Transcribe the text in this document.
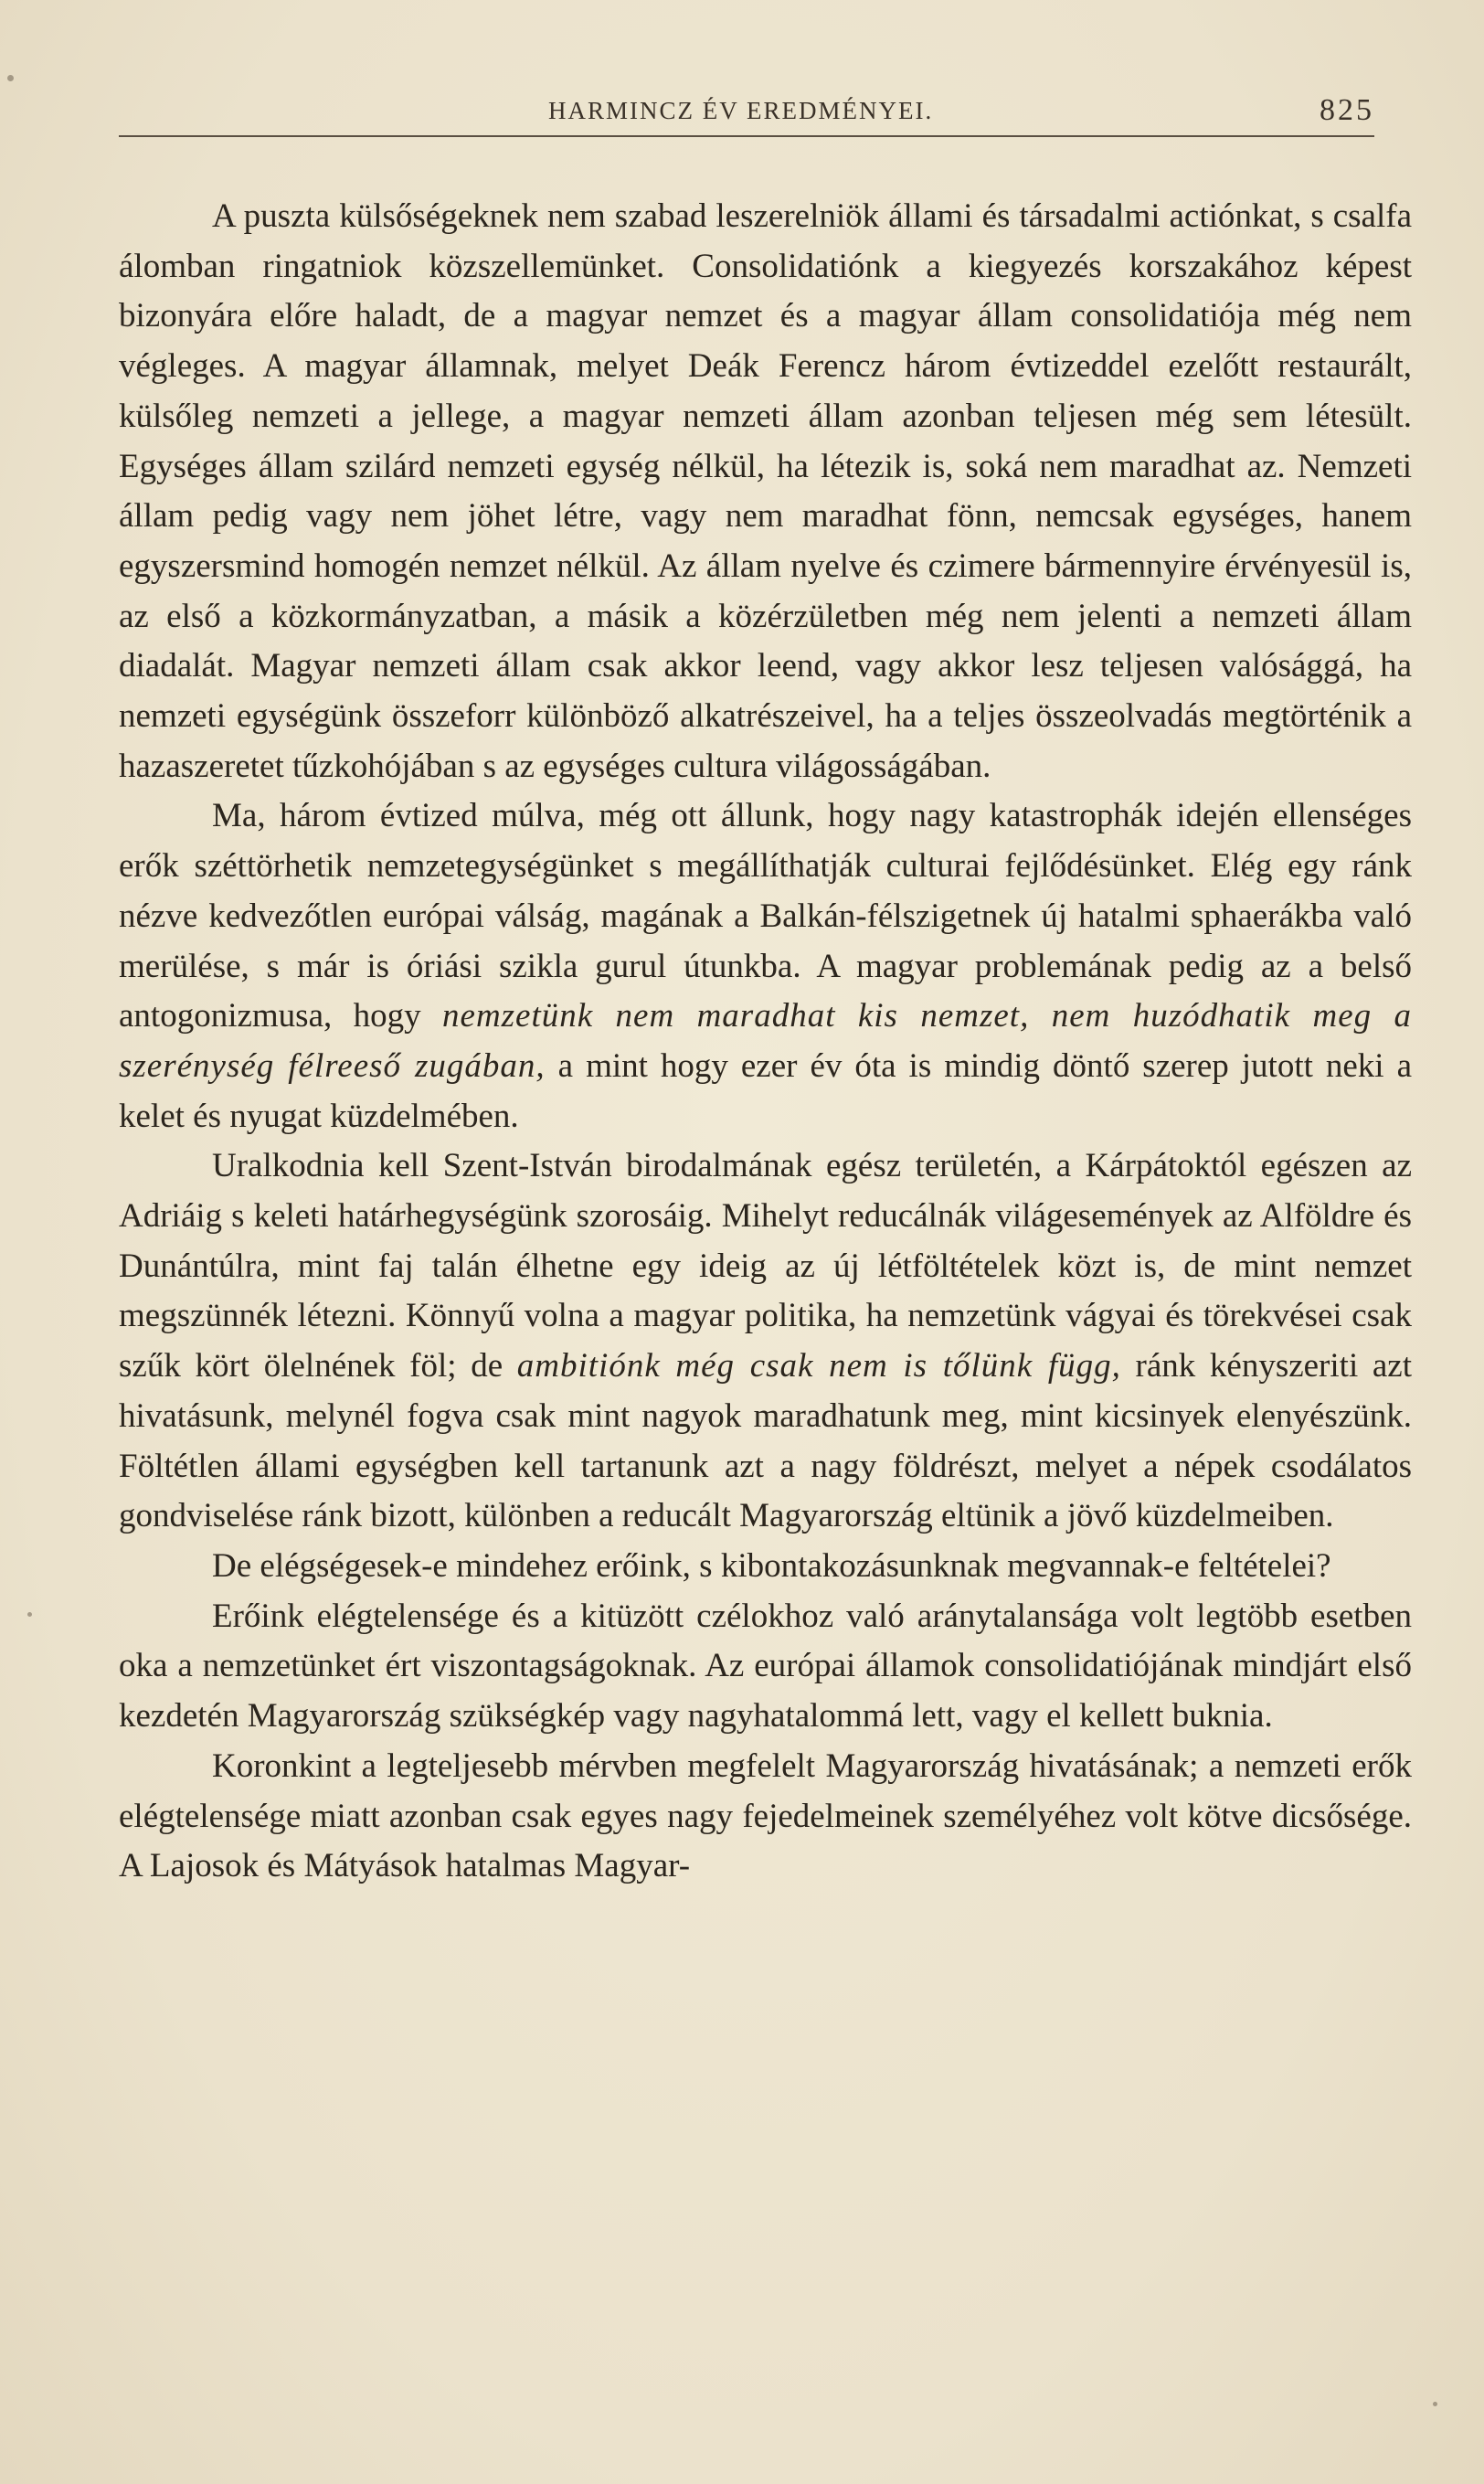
HARMINCZ ÉV EREDMÉNYEI.	825

A puszta külsőségeknek nem szabad leszerelniök állami és társadalmi actiónkat, s csalfa álomban ringatniok közszellemünket. Consolidatiónk a kiegyezés korszakához képest bizonyára előre haladt, de a magyar nemzet és a magyar állam consolidatiója még nem végleges. A magyar államnak, melyet Deák Ferencz három évtizeddel ezelőtt restaurált, külsőleg nemzeti a jellege, a magyar nemzeti állam azonban teljesen még sem létesült. Egységes állam szilárd nemzeti egység nélkül, ha létezik is, soká nem maradhat az. Nemzeti állam pedig vagy nem jöhet létre, vagy nem maradhat fönn, nemcsak egységes, hanem egyszersmind homogén nemzet nélkül. Az állam nyelve és czimere bármennyire érvényesül is, az első a közkormányzatban, a másik a közérzületben még nem jelenti a nemzeti állam diadalát. Magyar nemzeti állam csak akkor leend, vagy akkor lesz teljesen valósággá, ha nemzeti egységünk összeforr különböző alkatrészeivel, ha a teljes összeolvadás megtörténik a hazaszeretet tűzkohójában s az egységes cultura világosságában.

Ma, három évtized múlva, még ott állunk, hogy nagy katastrophák idején ellenséges erők széttörhetik nemzetegységünket s megállíthatják culturai fejlődésünket. Elég egy ránk nézve kedvezőtlen európai válság, magának a Balkán-félszigetnek új hatalmi sphaerákba való merülése, s már is óriási szikla gurul útunkba. A magyar problemának pedig az a belső antogonizmusa, hogy nemzetünk nem maradhat kis nemzet, nem huzódhatik meg a szerénység félreeső zugában, a mint hogy ezer év óta is mindig döntő szerep jutott neki a kelet és nyugat küzdelmében.

Uralkodnia kell Szent-István birodalmának egész területén, a Kárpátoktól egészen az Adriáig s keleti határhegységünk szorosáig. Mihelyt reducálnák világesemények az Alföldre és Dunántúlra, mint faj talán élhetne egy ideig az új létföltételek közt is, de mint nemzet megszünnék létezni. Könnyű volna a magyar politika, ha nemzetünk vágyai és törekvései csak szűk kört ölelnének föl; de ambitiónk még csak nem is tőlünk függ, ránk kényszeriti azt hivatásunk, melynél fogva csak mint nagyok maradhatunk meg, mint kicsinyek elenyészünk. Föltétlen állami egységben kell tartanunk azt a nagy földrészt, melyet a népek csodálatos gondviselése ránk bizott, különben a reducált Magyarország eltünik a jövő küzdelmeiben.

De elégségesek-e mindehez erőink, s kibontakozásunknak megvannak-e feltételei?

Erőink elégtelensége és a kitüzött czélokhoz való aránytalansága volt legtöbb esetben oka a nemzetünket ért viszontagságoknak. Az európai államok consolidatiójának mindjárt első kezdetén Magyarország szükségkép vagy nagyhatalommá lett, vagy el kellett buknia.

Koronkint a legteljesebb mérvben megfelelt Magyarország hivatásának; a nemzeti erők elégtelensége miatt azonban csak egyes nagy fejedelmeinek személyéhez volt kötve dicsősége. A Lajosok és Mátyások hatalmas Magyar-
